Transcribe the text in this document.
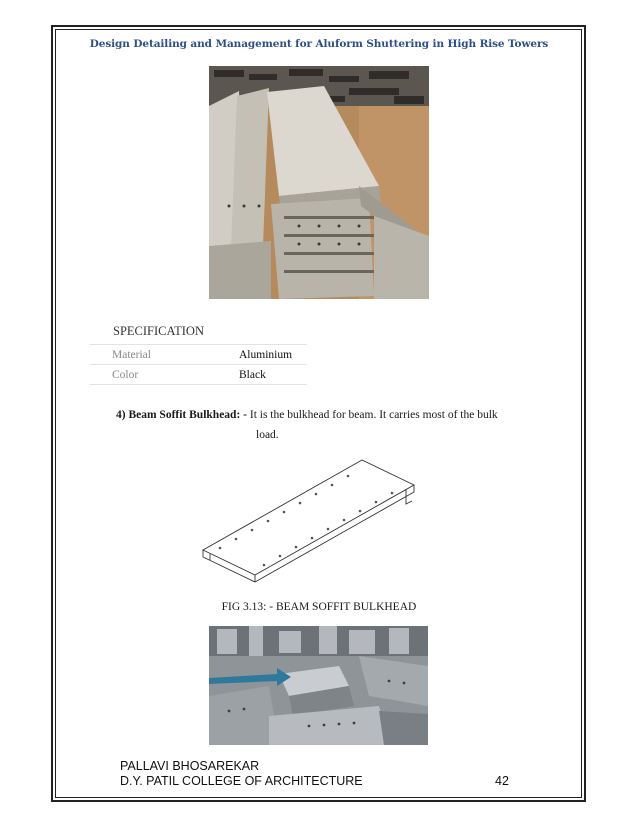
Design Detailing and Management for Aluform Shuttering in High Rise Towers
SPECIFICATION
Material	Aluminium
Color	Black
4) Beam Soffit Bulkhead: - It is the bulkhead for beam. It carries most of the bulk
load.
FIG 3.13: - BEAM SOFFIT BULKHEAD
PALLAVI BHOSAREKAR
D.Y. PATIL COLLEGE OF ARCHITECTURE	42
